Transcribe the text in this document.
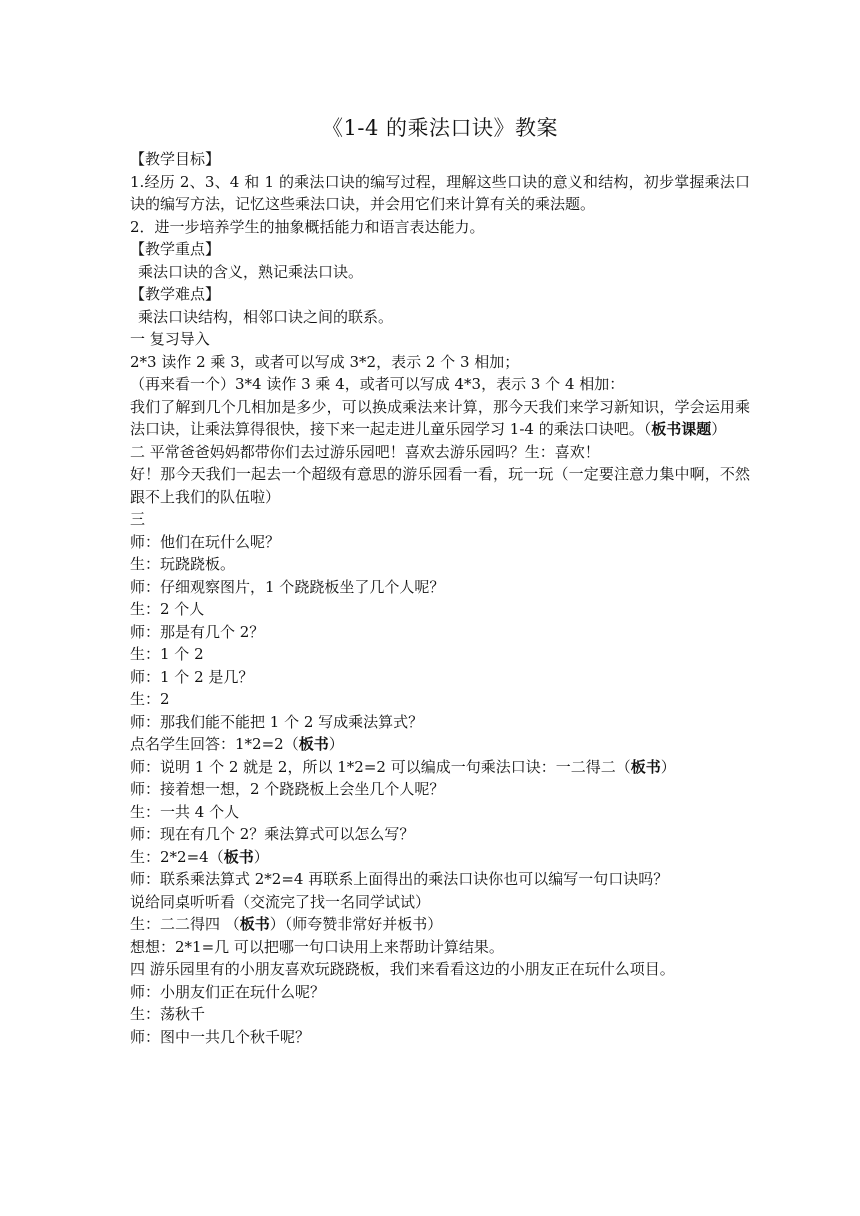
《1-4 的乘法口诀》教案
【教学目标】
1.经历 2、3、4 和 1 的乘法口诀的编写过程，理解这些口诀的意义和结构，初步掌握乘法口诀的编写方法，记忆这些乘法口诀，并会用它们来计算有关的乘法题。
2．进一步培养学生的抽象概括能力和语言表达能力。
【教学重点】
乘法口诀的含义，熟记乘法口诀。
【教学难点】
乘法口诀结构，相邻口诀之间的联系。
一 复习导入
2*3 读作 2 乘 3，或者可以写成 3*2，表示 2 个 3 相加；
（再来看一个）3*4 读作 3 乘 4，或者可以写成 4*3，表示 3 个 4 相加：
我们了解到几个几相加是多少，可以换成乘法来计算，那今天我们来学习新知识，学会运用乘法口诀，让乘法算得很快，接下来一起走进儿童乐园学习 1-4 的乘法口诀吧。（板书课题）
二 平常爸爸妈妈都带你们去过游乐园吧！喜欢去游乐园吗？生：喜欢！
好！那今天我们一起去一个超级有意思的游乐园看一看，玩一玩（一定要注意力集中啊，不然跟不上我们的队伍啦）
三
师：他们在玩什么呢？
生：玩跷跷板。
师：仔细观察图片，1 个跷跷板坐了几个人呢？
生：2 个人
师：那是有几个 2？
生：1 个 2
师：1 个 2 是几？
生：2
师：那我们能不能把 1 个 2 写成乘法算式？
点名学生回答：1*2=2（板书）
师：说明 1 个 2 就是 2，所以 1*2=2 可以编成一句乘法口诀：一二得二（板书）
师：接着想一想，2 个跷跷板上会坐几个人呢？
生：一共 4 个人
师：现在有几个 2？乘法算式可以怎么写？
生：2*2=4（板书）
师：联系乘法算式 2*2=4 再联系上面得出的乘法口诀你也可以编写一句口诀吗？
说给同桌听听看（交流完了找一名同学试试）
生：二二得四 （板书）（师夸赞非常好并板书）
想想：2*1=几 可以把哪一句口诀用上来帮助计算结果。
四 游乐园里有的小朋友喜欢玩跷跷板，我们来看看这边的小朋友正在玩什么项目。
师：小朋友们正在玩什么呢？
生：荡秋千
师：图中一共几个秋千呢？
